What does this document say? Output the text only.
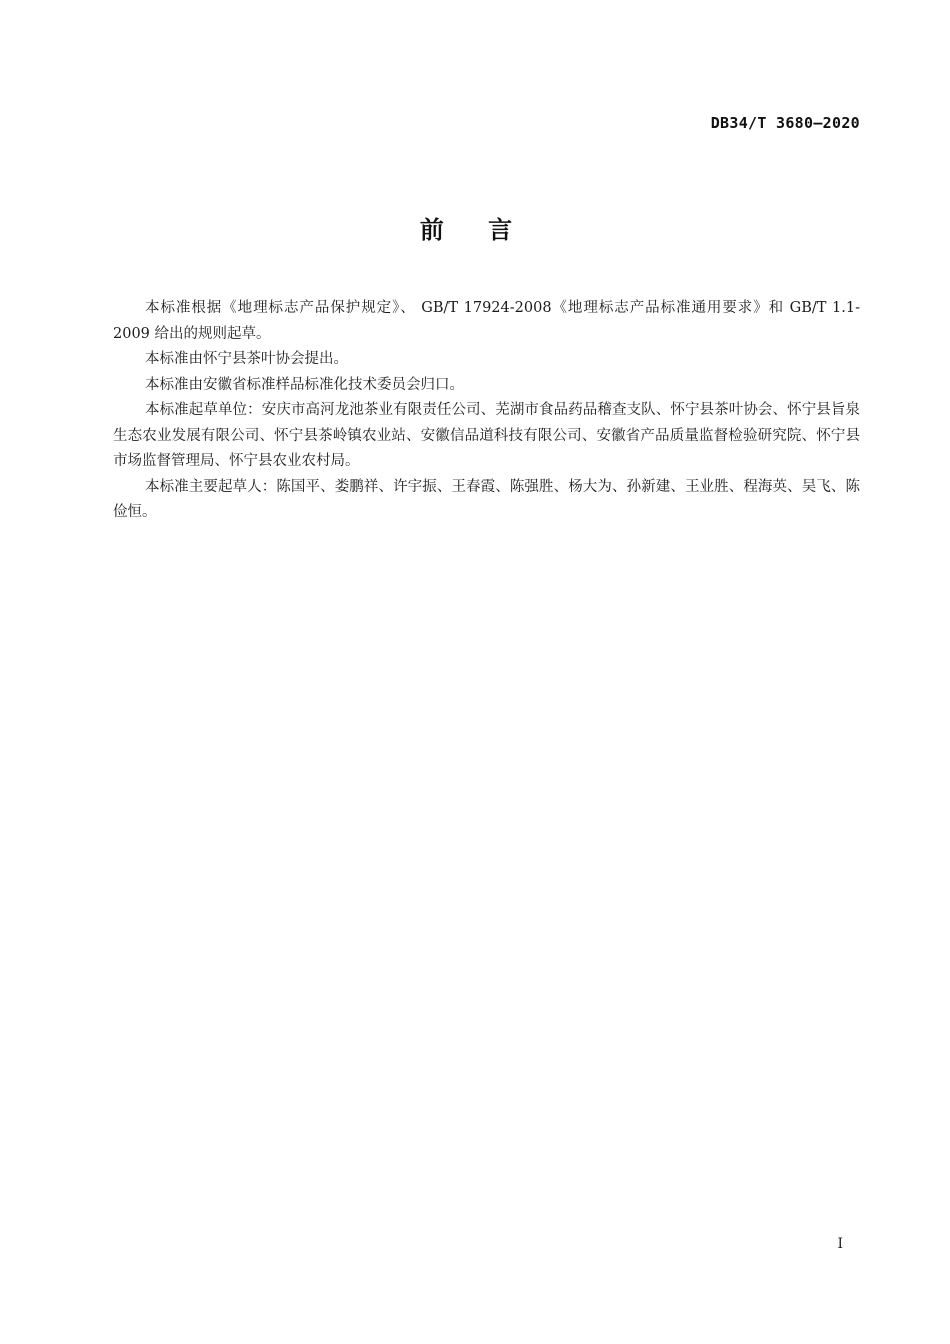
DB34/T 3680—2020
前 言

本标准根据《地理标志产品保护规定》、 GB/T 17924-2008《地理标志产品标准通用要求》和 GB/T 1.1-2009 给出的规则起草。

本标准由怀宁县茶叶协会提出。

本标准由安徽省标准样品标准化技术委员会归口。

本标准起草单位：安庆市高河龙池茶业有限责任公司、芜湖市食品药品稽查支队、怀宁县茶叶协会、怀宁县旨泉生态农业发展有限公司、怀宁县茶岭镇农业站、安徽信品道科技有限公司、安徽省产品质量监督检验研究院、怀宁县市场监督管理局、怀宁县农业农村局。

本标准主要起草人：陈国平、娄鹏祥、许宇振、王春霞、陈强胜、杨大为、孙新建、王业胜、程海英、吴飞、陈俭恒。

I
